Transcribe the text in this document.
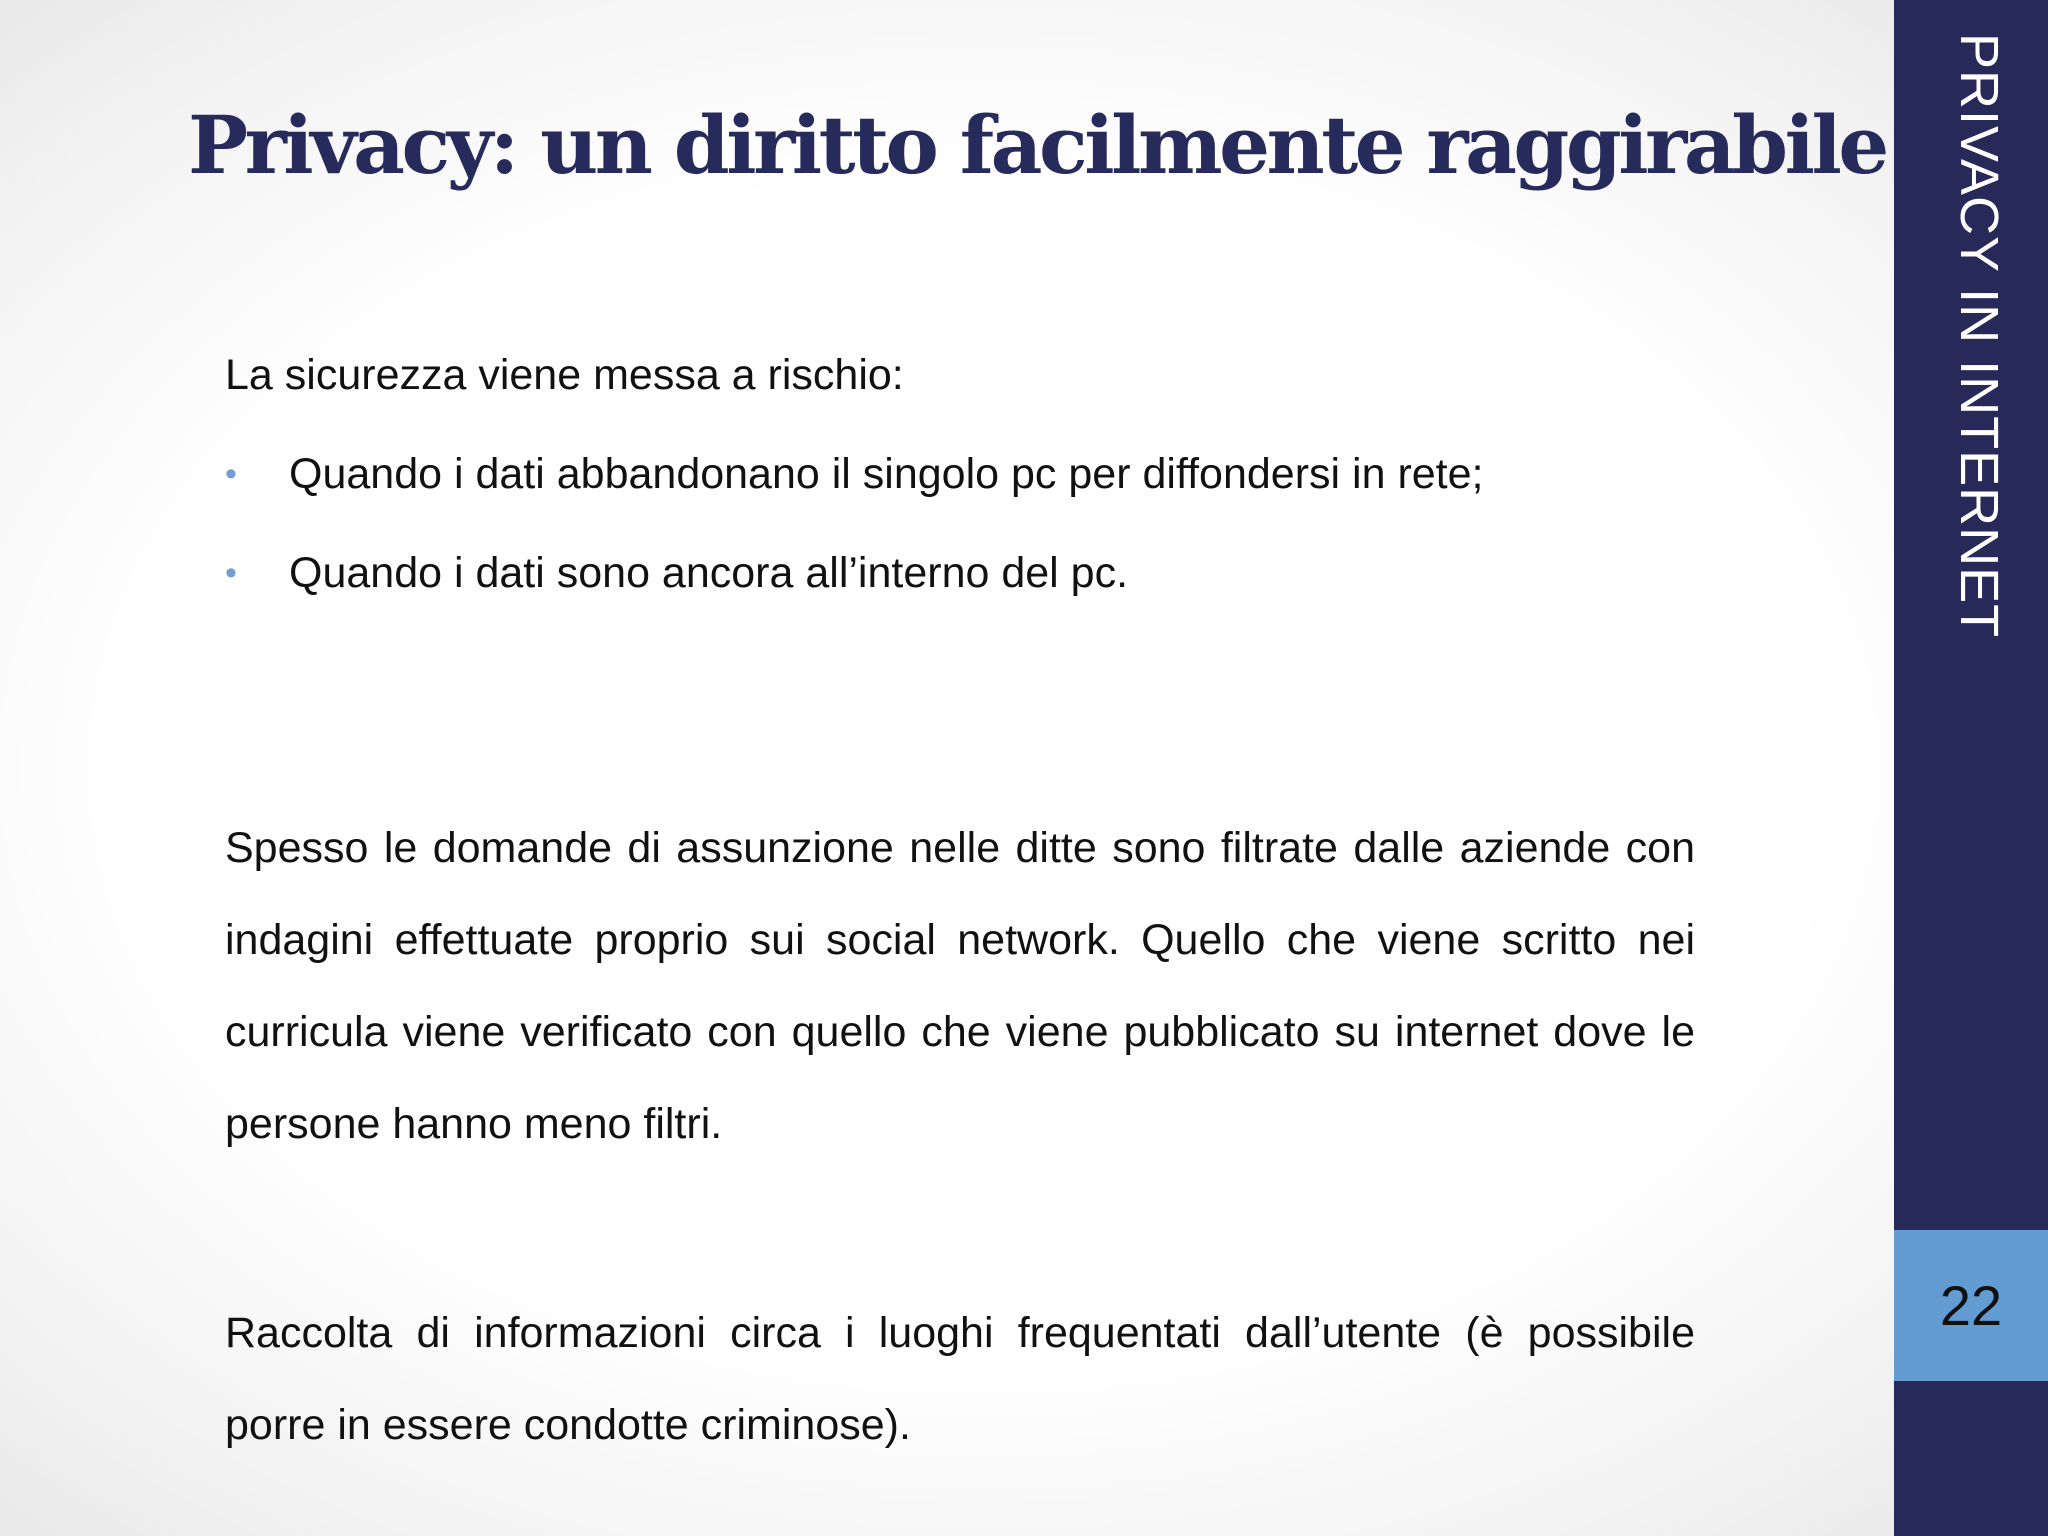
Privacy: un diritto facilmente raggirabile

La sicurezza viene messa a rischio:

• Quando i dati abbandonano il singolo pc per diffondersi in rete;
• Quando i dati sono ancora all’interno del pc.

Spesso le domande di assunzione nelle ditte sono filtrate dalle aziende con indagini effettuate proprio sui social network. Quello che viene scritto nei curricula viene verificato con quello che viene pubblicato su internet dove le persone hanno meno filtri.

Raccolta di informazioni circa i luoghi frequentati dall’utente (è possibile porre in essere condotte criminose).

PRIVACY IN INTERNET
22
